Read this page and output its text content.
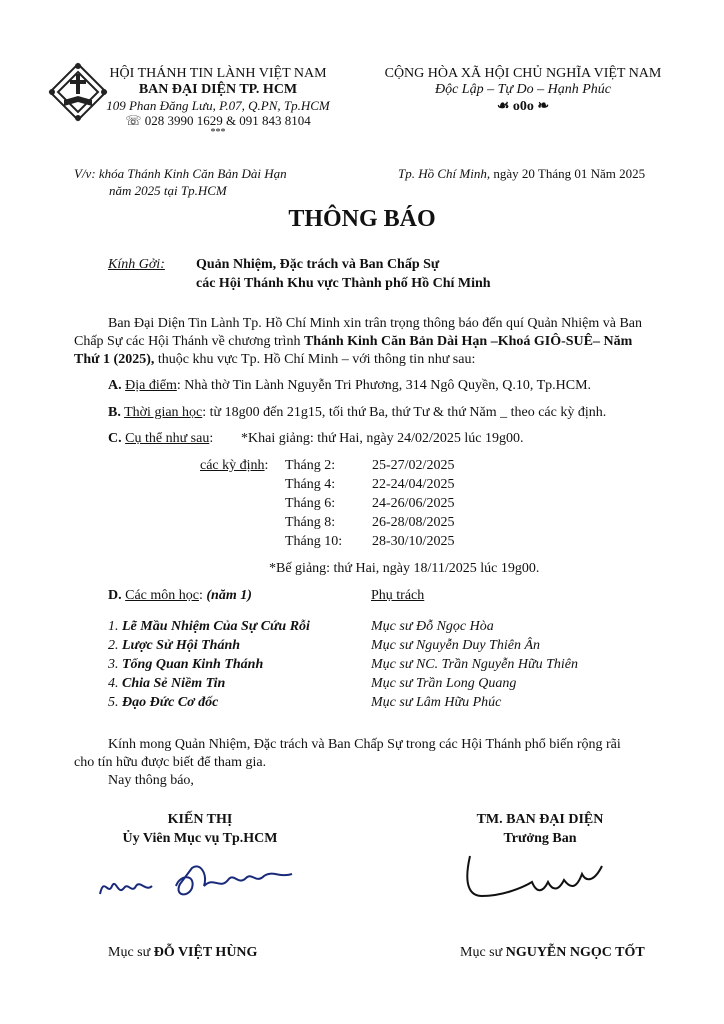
HỘI THÁNH TIN LÀNH VIỆT NAM
BAN ĐẠI DIỆN TP. HCM
109 Phan Đăng Lưu, P.07, Q.PN, Tp.HCM
☏ 028 3990 1629 & 091 843 8104
***
CỘNG HÒA XÃ HỘI CHỦ NGHĨA VIỆT NAM
Độc Lập – Tự Do – Hạnh Phúc
☙ o0o ❧
V/v: khóa Thánh Kinh Căn Bản Dài Hạn
năm 2025 tại Tp.HCM
Tp. Hồ Chí Minh, ngày 20 Tháng 01 Năm 2025
THÔNG BÁO
Kính Gởi: Quản Nhiệm, Đặc trách và Ban Chấp Sự
các Hội Thánh Khu vực Thành phố Hồ Chí Minh
Ban Đại Diện Tin Lành Tp. Hồ Chí Minh xin trân trọng thông báo đến quí Quản Nhiệm và Ban
Chấp Sự các Hội Thánh về chương trình Thánh Kinh Căn Bản Dài Hạn –Khoá GIÔ-SUÊ– Năm
Thứ 1 (2025), thuộc khu vực Tp. Hồ Chí Minh – với thông tin như sau:
A. Địa điểm: Nhà thờ Tin Lành Nguyễn Tri Phương, 314 Ngô Quyền, Q.10, Tp.HCM.
B. Thời gian học: từ 18g00 đến 21g15, tối thứ Ba, thứ Tư & thứ Năm _ theo các kỳ định.
C. Cụ thể như sau: *Khai giảng: thứ Hai, ngày 24/02/2025 lúc 19g00.
các kỳ định: Tháng 2:	25-27/02/2025
Tháng 4:	22-24/04/2025
Tháng 6:	24-26/06/2025
Tháng 8:	26-28/08/2025
Tháng 10: 28-30/10/2025
*Bế giảng: thứ Hai, ngày 18/11/2025 lúc 19g00.
D. Các môn học: (năm 1)	Phụ trách
1. Lẽ Mầu Nhiệm Của Sự Cứu Rỗi	Mục sư Đỗ Ngọc Hòa
2. Lược Sử Hội Thánh	Mục sư Nguyễn Duy Thiên Ân
3. Tổng Quan Kinh Thánh	Mục sư NC. Trần Nguyễn Hữu Thiên
4. Chia Sẻ Niềm Tin	Mục sư Trần Long Quang
5. Đạo Đức Cơ đốc	Mục sư Lâm Hữu Phúc
Kính mong Quản Nhiệm, Đặc trách và Ban Chấp Sự trong các Hội Thánh phổ biến rộng rãi
cho tín hữu được biết để tham gia.
Nay thông báo,
KIẾN THỊ
Ủy Viên Mục vụ Tp.HCM
Mục sư ĐỖ VIỆT HÙNG
TM. BAN ĐẠI DIỆN
Trưởng Ban
Mục sư NGUYỄN NGỌC TỐT
